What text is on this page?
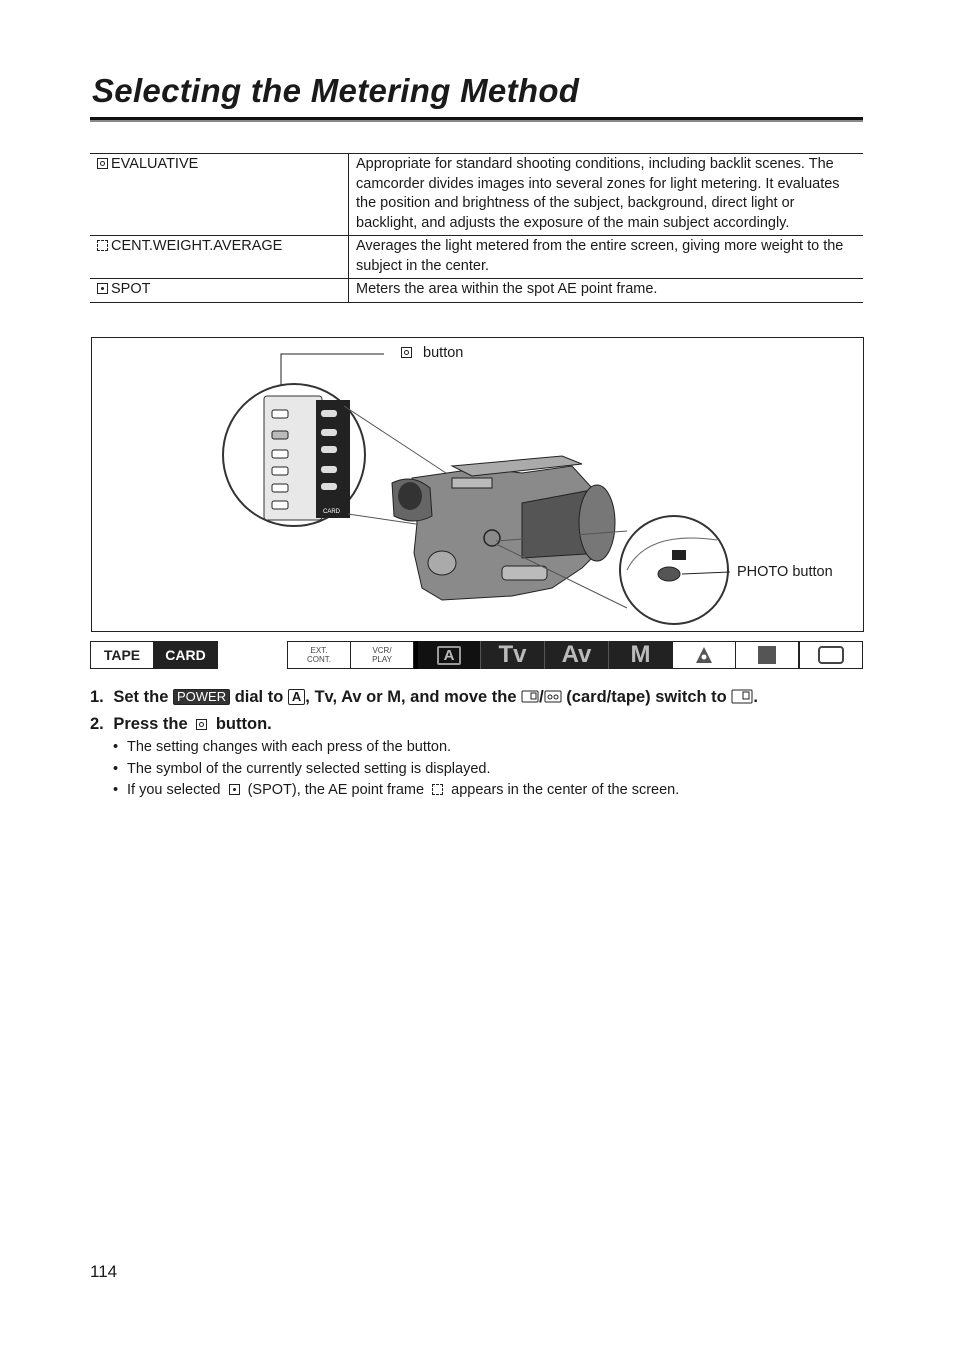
Selecting the Metering Method
EVALUATIVE	Appropriate for standard shooting conditions, including backlit scenes. The camcorder divides images into several zones for light metering. It evaluates the position and brightness of the subject, background, direct light or backlight, and adjusts the exposure of the main subject accordingly.
CENT.WEIGHT.AVERAGE	Averages the light metered from the entire screen, giving more weight to the subject in the center.
SPOT	Meters the area within the spot AE point frame.
CARD
button
PHOTO button
TAPE	CARD	EXT.
CONT.
VCR/
PLAY	A	Tv	Av	M
1. Set the POWER dial to A , Tv, Av or M, and move the / (card/tape) switch to .
2. Press the button.
• The setting changes with each press of the button.
• The symbol of the currently selected setting is displayed.
• If you selected (SPOT), the AE point frame appears in the center of the screen.
114
